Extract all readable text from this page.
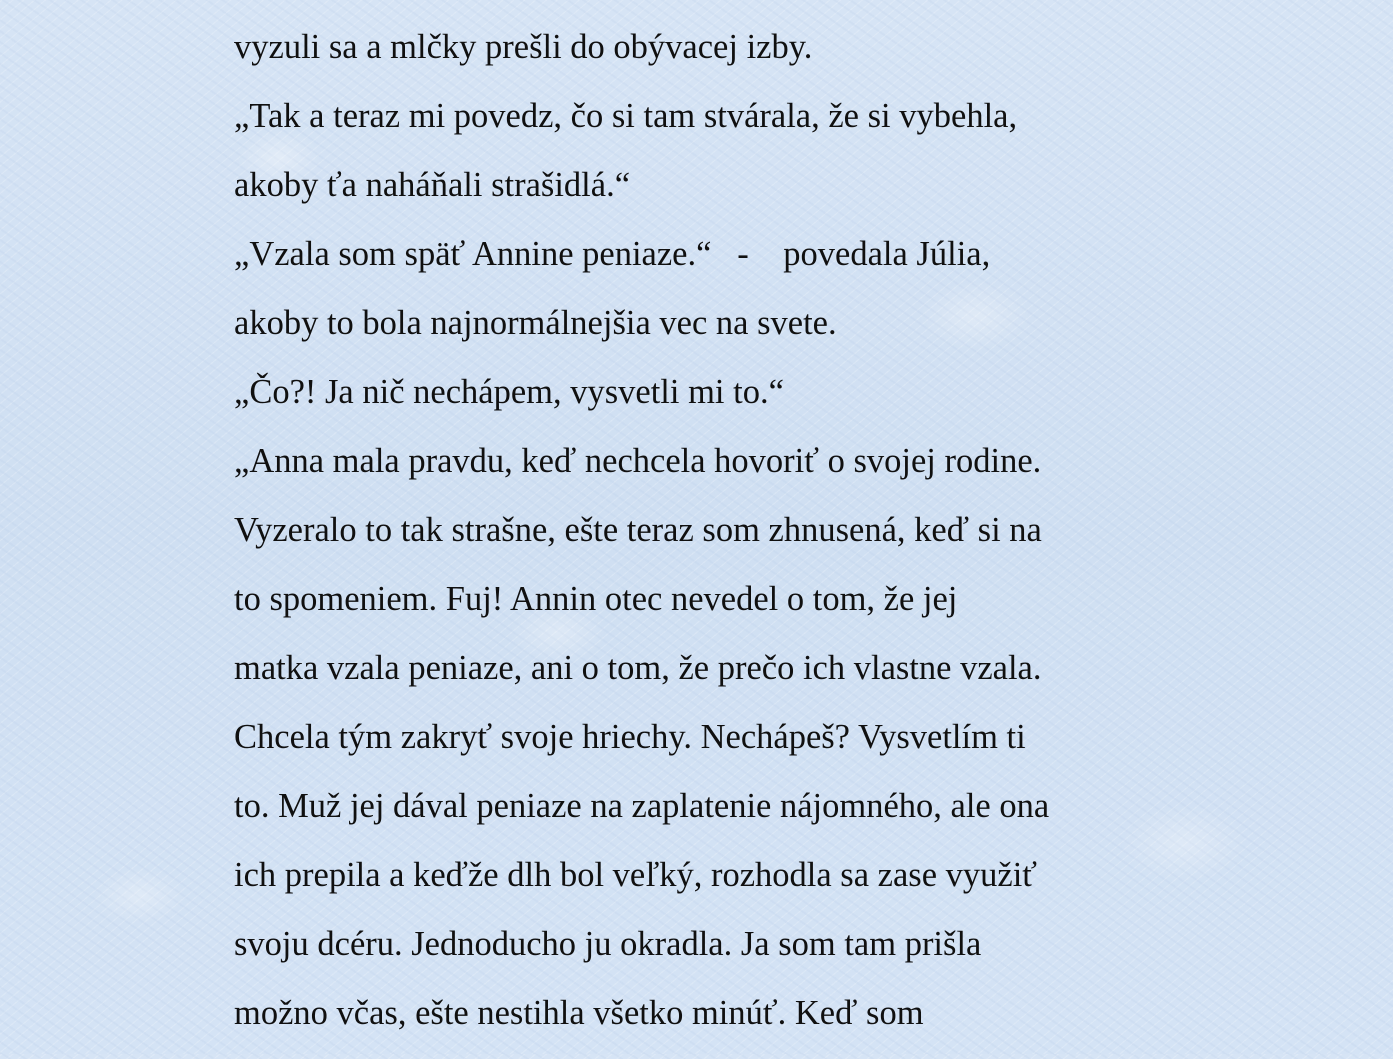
vyzuli sa a mlčky prešli do obývacej izby.

„Tak a teraz mi povedz, čo si tam stvárala, že si vybehla,

akoby ťa naháňali strašidlá.“

„Vzala som späť Annine peniaze.“   -    povedala Júlia,

akoby to bola najnormálnejšia vec na svete.

„Čo?! Ja nič nechápem, vysvetli mi to.“

„Anna mala pravdu, keď nechcela hovoriť o svojej rodine.

Vyzeralo to tak strašne, ešte teraz som zhnusená, keď si na

to spomeniem. Fuj! Annin otec nevedel o tom, že jej

matka vzala peniaze, ani o tom, že prečo ich vlastne vzala.

Chcela tým zakryť svoje hriechy. Nechápeš? Vysvetlím ti

to. Muž jej dával peniaze na zaplatenie nájomného, ale ona

ich prepila a keďže dlh bol veľký, rozhodla sa zase využiť

svoju dcéru. Jednoducho ju okradla. Ja som tam prišla

možno včas, ešte nestihla všetko minúť. Keď som
